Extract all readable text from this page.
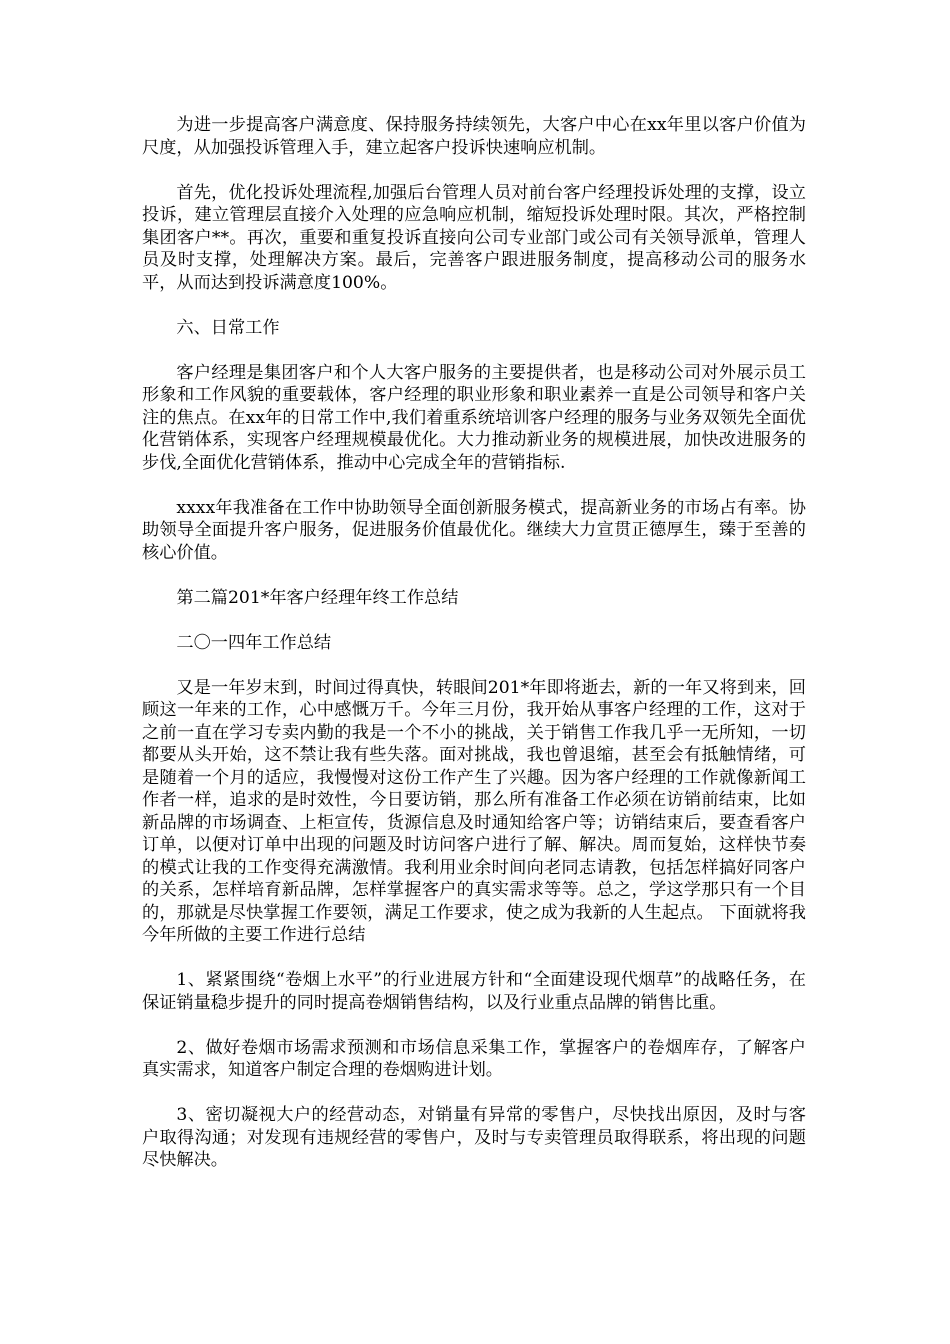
为进一步提高客户满意度、保持服务持续领先，大客户中心在xx年里以客户价值为尺度，从加强投诉管理入手，建立起客户投诉快速响应机制。

首先，优化投诉处理流程,加强后台管理人员对前台客户经理投诉处理的支撑，设立投诉，建立管理层直接介入处理的应急响应机制，缩短投诉处理时限。其次，严格控制集团客户**。再次，重要和重复投诉直接向公司专业部门或公司有关领导派单，管理人员及时支撑，处理解决方案。最后，完善客户跟进服务制度，提高移动公司的服务水平，从而达到投诉满意度100%。

六、日常工作

客户经理是集团客户和个人大客户服务的主要提供者，也是移动公司对外展示员工形象和工作风貌的重要载体，客户经理的职业形象和职业素养一直是公司领导和客户关注的焦点。在xx年的日常工作中,我们着重系统培训客户经理的服务与业务双领先全面优化营销体系，实现客户经理规模最优化。大力推动新业务的规模进展，加快改进服务的步伐,全面优化营销体系，推动中心完成全年的营销指标.

xxxx年我准备在工作中协助领导全面创新服务模式，提高新业务的市场占有率。协助领导全面提升客户服务，促进服务价值最优化。继续大力宣贯正德厚生，臻于至善的核心价值。

第二篇201*年客户经理年终工作总结

二〇一四年工作总结

又是一年岁末到，时间过得真快，转眼间201*年即将逝去，新的一年又将到来，回顾这一年来的工作，心中感慨万千。今年三月份，我开始从事客户经理的工作，这对于之前一直在学习专卖内勤的我是一个不小的挑战，关于销售工作我几乎一无所知，一切都要从头开始，这不禁让我有些失落。面对挑战，我也曾退缩，甚至会有抵触情绪，可是随着一个月的适应，我慢慢对这份工作产生了兴趣。因为客户经理的工作就像新闻工作者一样，追求的是时效性，今日要访销，那么所有准备工作必须在访销前结束，比如新品牌的市场调查、上柜宣传，货源信息及时通知给客户等；访销结束后，要查看客户订单，以便对订单中出现的问题及时访问客户进行了解、解决。周而复始，这样快节奏的模式让我的工作变得充满激情。我利用业余时间向老同志请教，包括怎样搞好同客户的关系，怎样培育新品牌，怎样掌握客户的真实需求等等。总之，学这学那只有一个目的，那就是尽快掌握工作要领，满足工作要求，使之成为我新的人生起点。 下面就将我今年所做的主要工作进行总结

1、紧紧围绕“卷烟上水平”的行业进展方针和“全面建设现代烟草”的战略任务，在保证销量稳步提升的同时提高卷烟销售结构，以及行业重点品牌的销售比重。

2、做好卷烟市场需求预测和市场信息采集工作，掌握客户的卷烟库存，了解客户真实需求，知道客户制定合理的卷烟购进计划。

3、密切凝视大户的经营动态，对销量有异常的零售户，尽快找出原因，及时与客户取得沟通；对发现有违规经营的零售户，及时与专卖管理员取得联系，将出现的问题尽快解决。
